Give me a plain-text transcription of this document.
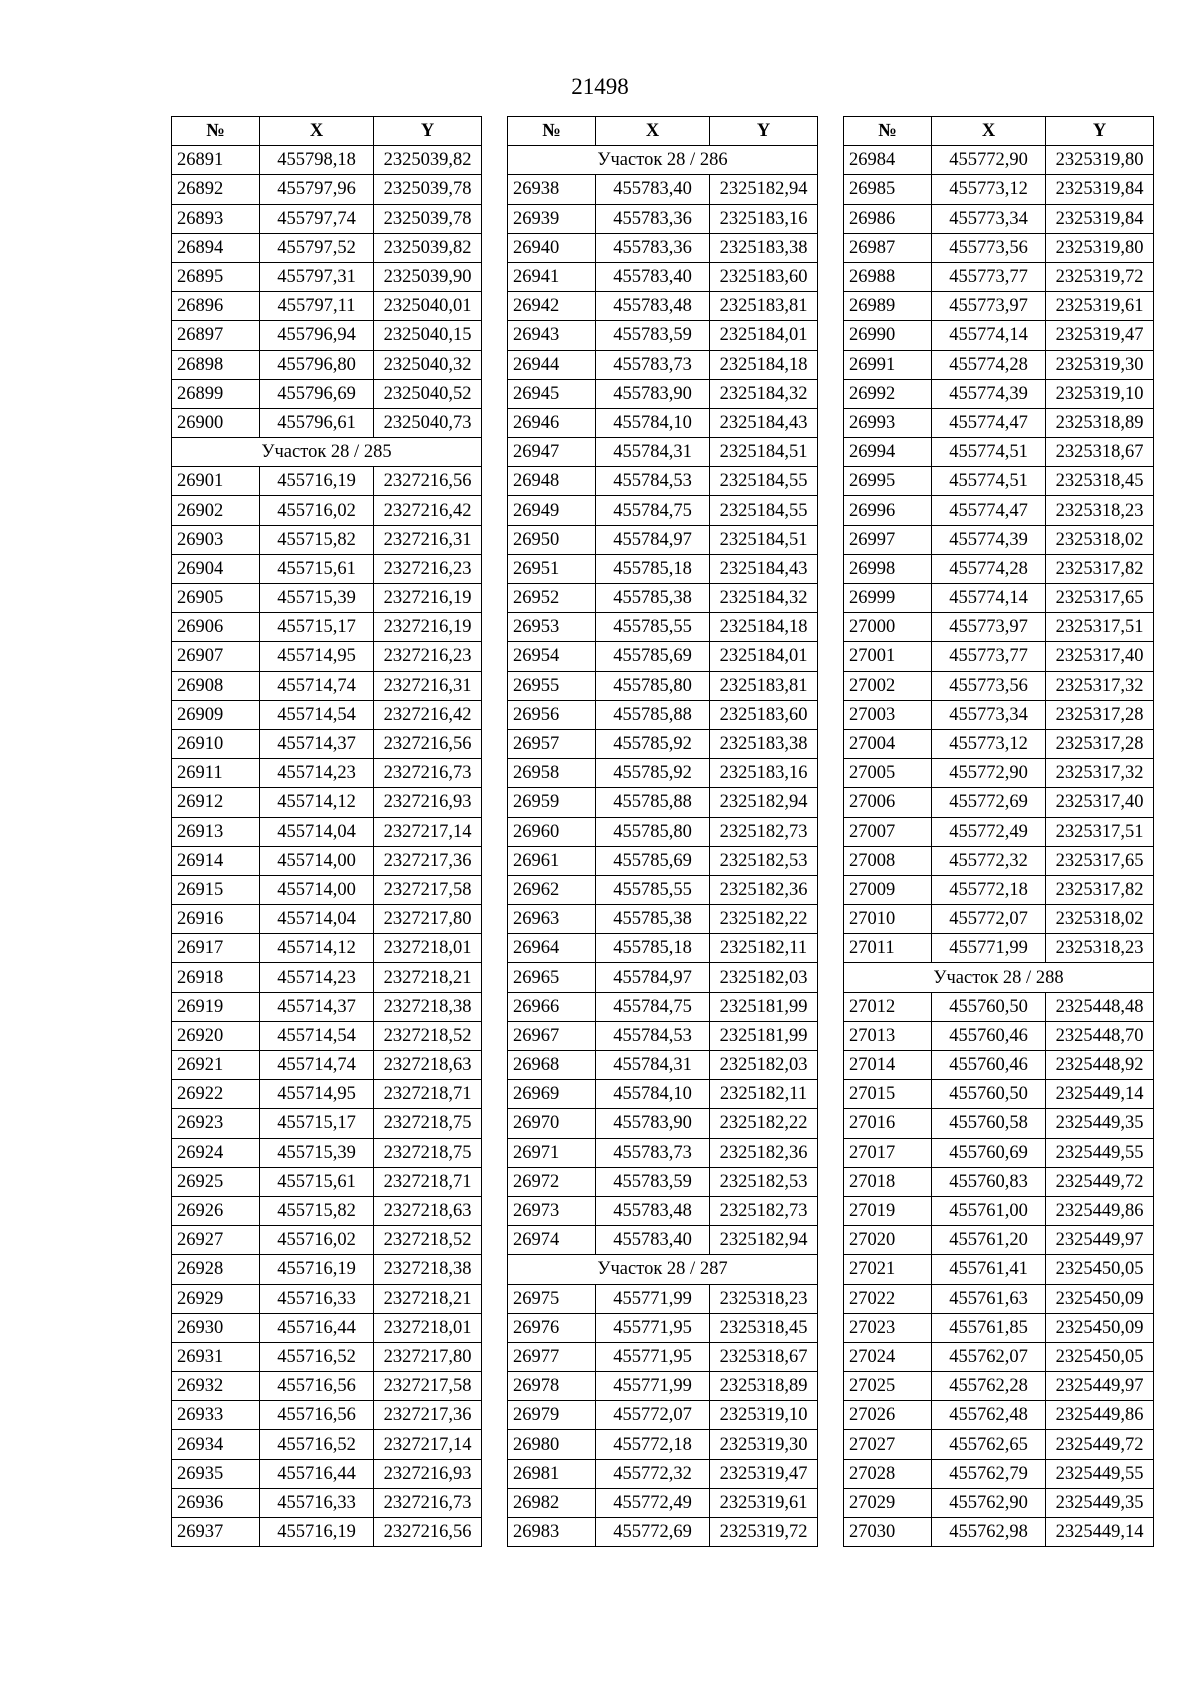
21498
№	X	Y
26891	455798,18	2325039,82
26892	455797,96	2325039,78
26893	455797,74	2325039,78
26894	455797,52	2325039,82
26895	455797,31	2325039,90
26896	455797,11	2325040,01
26897	455796,94	2325040,15
26898	455796,80	2325040,32
26899	455796,69	2325040,52
26900	455796,61	2325040,73
Участок 28 / 285		
26901	455716,19	2327216,56
26902	455716,02	2327216,42
26903	455715,82	2327216,31
26904	455715,61	2327216,23
26905	455715,39	2327216,19
26906	455715,17	2327216,19
26907	455714,95	2327216,23
26908	455714,74	2327216,31
26909	455714,54	2327216,42
26910	455714,37	2327216,56
26911	455714,23	2327216,73
26912	455714,12	2327216,93
26913	455714,04	2327217,14
26914	455714,00	2327217,36
26915	455714,00	2327217,58
26916	455714,04	2327217,80
26917	455714,12	2327218,01
26918	455714,23	2327218,21
26919	455714,37	2327218,38
26920	455714,54	2327218,52
26921	455714,74	2327218,63
26922	455714,95	2327218,71
26923	455715,17	2327218,75
26924	455715,39	2327218,75
26925	455715,61	2327218,71
26926	455715,82	2327218,63
26927	455716,02	2327218,52
26928	455716,19	2327218,38
26929	455716,33	2327218,21
26930	455716,44	2327218,01
26931	455716,52	2327217,80
26932	455716,56	2327217,58
26933	455716,56	2327217,36
26934	455716,52	2327217,14
26935	455716,44	2327216,93
26936	455716,33	2327216,73
26937	455716,19	2327216,56
№	X	Y
Участок 28 / 286		
26938	455783,40	2325182,94
26939	455783,36	2325183,16
26940	455783,36	2325183,38
26941	455783,40	2325183,60
26942	455783,48	2325183,81
26943	455783,59	2325184,01
26944	455783,73	2325184,18
26945	455783,90	2325184,32
26946	455784,10	2325184,43
26947	455784,31	2325184,51
26948	455784,53	2325184,55
26949	455784,75	2325184,55
26950	455784,97	2325184,51
26951	455785,18	2325184,43
26952	455785,38	2325184,32
26953	455785,55	2325184,18
26954	455785,69	2325184,01
26955	455785,80	2325183,81
26956	455785,88	2325183,60
26957	455785,92	2325183,38
26958	455785,92	2325183,16
26959	455785,88	2325182,94
26960	455785,80	2325182,73
26961	455785,69	2325182,53
26962	455785,55	2325182,36
26963	455785,38	2325182,22
26964	455785,18	2325182,11
26965	455784,97	2325182,03
26966	455784,75	2325181,99
26967	455784,53	2325181,99
26968	455784,31	2325182,03
26969	455784,10	2325182,11
26970	455783,90	2325182,22
26971	455783,73	2325182,36
26972	455783,59	2325182,53
26973	455783,48	2325182,73
26974	455783,40	2325182,94
Участок 28 / 287		
26975	455771,99	2325318,23
26976	455771,95	2325318,45
26977	455771,95	2325318,67
26978	455771,99	2325318,89
26979	455772,07	2325319,10
26980	455772,18	2325319,30
26981	455772,32	2325319,47
26982	455772,49	2325319,61
26983	455772,69	2325319,72
№	X	Y
26984	455772,90	2325319,80
26985	455773,12	2325319,84
26986	455773,34	2325319,84
26987	455773,56	2325319,80
26988	455773,77	2325319,72
26989	455773,97	2325319,61
26990	455774,14	2325319,47
26991	455774,28	2325319,30
26992	455774,39	2325319,10
26993	455774,47	2325318,89
26994	455774,51	2325318,67
26995	455774,51	2325318,45
26996	455774,47	2325318,23
26997	455774,39	2325318,02
26998	455774,28	2325317,82
26999	455774,14	2325317,65
27000	455773,97	2325317,51
27001	455773,77	2325317,40
27002	455773,56	2325317,32
27003	455773,34	2325317,28
27004	455773,12	2325317,28
27005	455772,90	2325317,32
27006	455772,69	2325317,40
27007	455772,49	2325317,51
27008	455772,32	2325317,65
27009	455772,18	2325317,82
27010	455772,07	2325318,02
27011	455771,99	2325318,23
Участок 28 / 288		
27012	455760,50	2325448,48
27013	455760,46	2325448,70
27014	455760,46	2325448,92
27015	455760,50	2325449,14
27016	455760,58	2325449,35
27017	455760,69	2325449,55
27018	455760,83	2325449,72
27019	455761,00	2325449,86
27020	455761,20	2325449,97
27021	455761,41	2325450,05
27022	455761,63	2325450,09
27023	455761,85	2325450,09
27024	455762,07	2325450,05
27025	455762,28	2325449,97
27026	455762,48	2325449,86
27027	455762,65	2325449,72
27028	455762,79	2325449,55
27029	455762,90	2325449,35
27030	455762,98	2325449,14
